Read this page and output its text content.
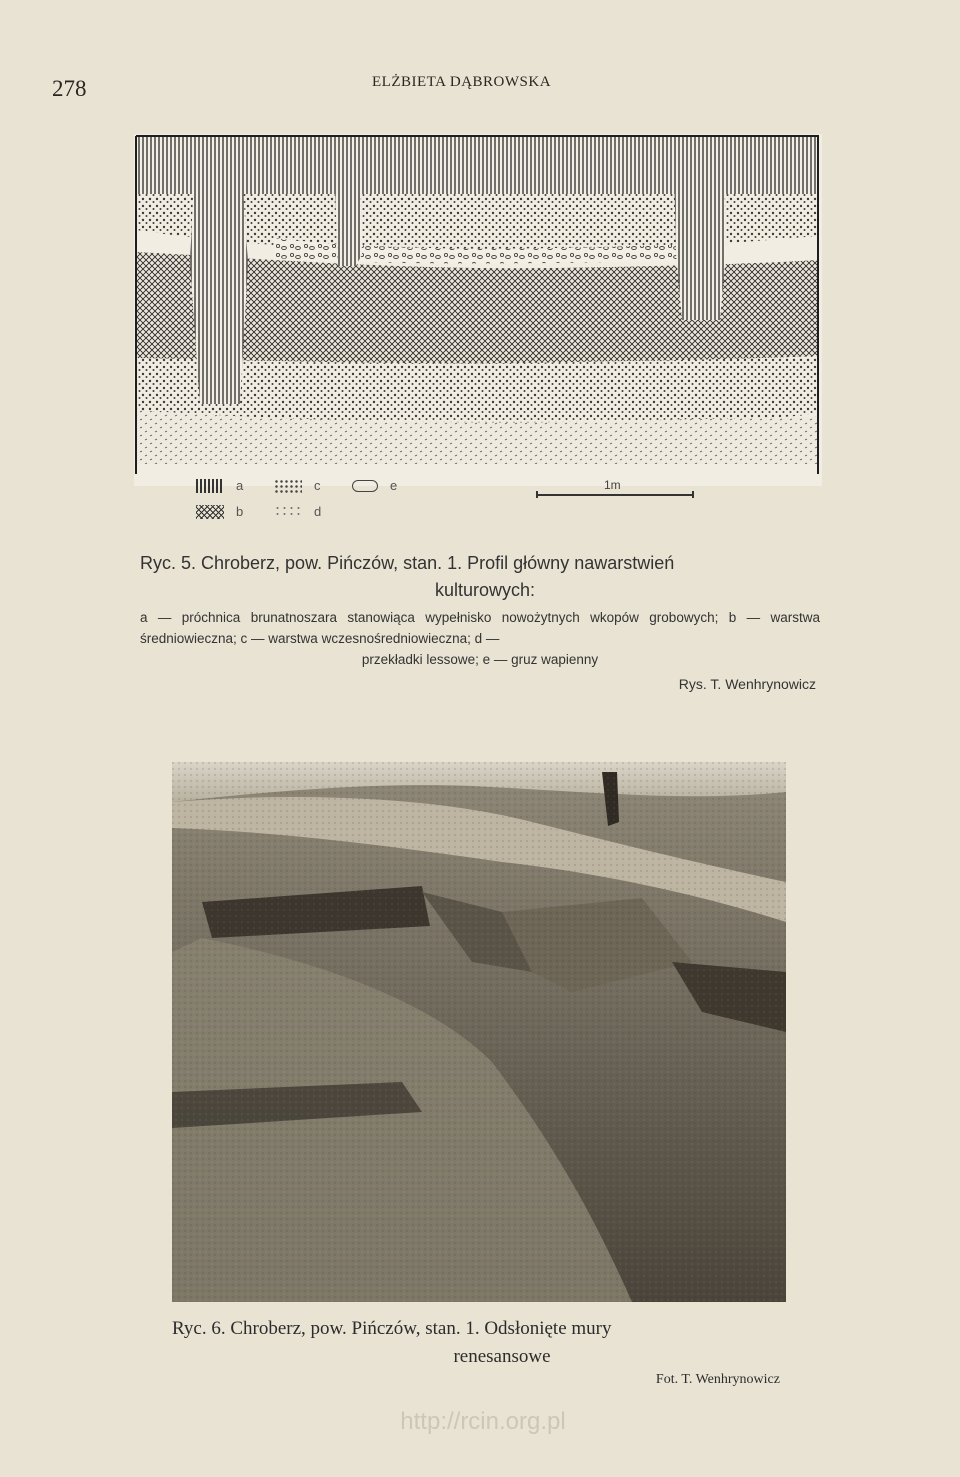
278	ELŻBIETA DĄBROWSKA
a
b
c
d
e	1m
Ryc. 5. Chroberz, pow. Pińczów, stan. 1. Profil główny nawarstwień
kulturowych:
a — próchnica brunatnoszara stanowiąca wypełnisko nowożytnych wkopów grobowych; b — warstwa średniowieczna; c — warstwa wczesnośredniowieczna; d —
przekładki lessowe; e — gruz wapienny
Rys. T. Wenhrynowicz
Ryc. 6. Chroberz, pow. Pińczów, stan. 1. Odsłonięte mury
renesansowe
Fot. T. Wenhrynowicz
http://rcin.org.pl
